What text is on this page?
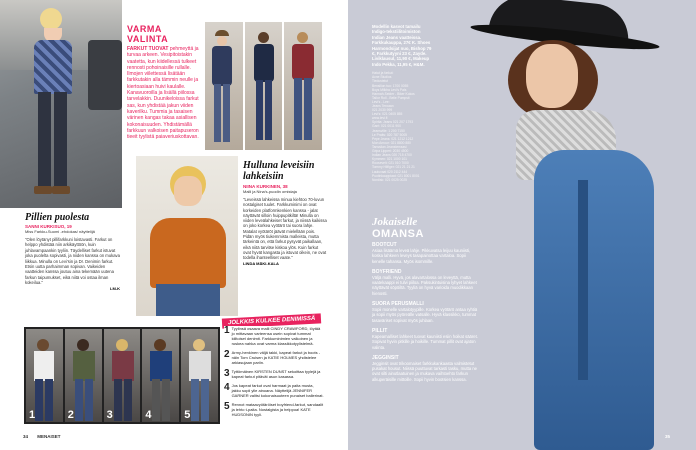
Pillien puolesta
SANNI KURKISUO, 19
Miss Farkku-Suomi -ehdokas/ näyttelijä
"Olen löytänyt pillifarkkuni loistavasti. Farkut on helppo yhdistää niin arkikäyttöön, kuin juhlavampaankin tyyliin. Täydelliset farkut istuvat joka puolelta sopivasti, ja niiden kanssa on mukava liikkua. Minulla on Levi'sin ja Dr. Denimin farkut. Etsin uutta parhaimman sopivan. Vaikeiden vaatteiden kanssa joutuu aina tekemään uutena farkun taipumukset, eikä niitä voi ostaa ilman kokeilua."
LM-K
VARMA VALINTA
FARKUT TUOVAT pehmeyttä ja turvaa arkeen. Vesipitoistakin vaatetta, kun kiidellessä tulkeet rennosti pohoinaisille rullalle. Ilmojen viilettessä lisätään farkkutakin alla tämmin neulle ja kiertoasiaan huivi kaulalle. Kanavuoroilla ja lisällä piilossa tarvelakkin. Duunikeloissa farkut sas, kun yhdistää jakun viiden kaverilku. Tummia ja tasaisen värinen kangas takaa asiallisen kokonaisuuden. Yhdistämällä farkkuun valkoisen paitapuseron tieeit tyylistä paiaveriuskottavan.
Hulluna leveisiin lahkeisiin
NIINA KURKINEN, 38
Malli ja Nina's-puodin omistaja
"Leveissä lahkeissa minua kiehtoo 70-luvun nostalgiset tuulet. Farkkuminimi on ovat korkeiden platformkenkien kanssa - jalat näyttävät silloin huippupitkiltä! Minulla on viiden leveälahkeiset farkut, ja niissä kaikissa on joko korkea vyötärö tai suora lahje. Matalat vyötäröt jäävät mielellään pois. Pidän myös tiukemmista malleista, mutta tärkeintä on, että farkut pysyvät paikallaan, eikä niitä tarvitse kiskoa ylös. Kuin farkut ovat hyvät kangasta ja istuvat oikein, ne ovat todella ihanteelliset vaate."
LINDA MÄKI-KALA
1	2	3	4	5
JOLKKIS KULKEE DENIMISSÄ
1 Tyylinsä osaava malli CINDY CRAWFORD, löytää jo mittavaan varteensa usein sopivat tummat kiiltoiset denimit. Farkkuminimien valkoinen ja ruskea nahka ovat varma klassikkotyylistelmä.
2 Army-henkinen väljä takki, kapeat farkut ja boots - näin Tom Cruisen ja KATIE HOLMES yhdistelee arkiasujaan pariin.
3 Tyttömäinen KIRSTEN DUNST sekoittaa tyylejä ja kapeat farkut pitävät asun kasassa.
4 Jos kapeat farkut ovat harmaat ja paita musta, jakku sopii ylle ainoana. Näyttelijä JENNIFER GARNER valitsi kokonaisuuteen punaiset ballerinat.
5 Rennot mataavyötäröiset boyfriend-farkut, sandaalit ja lehto t-paita. Nostalgista ja helppoa! KATE HUDSONIN tyyli.
34 MENAISET
Modellin kasvot tamailu Indigo-tekstiilitoimiston Indian Jeans vaatteissa. Farkkukauppa, 27€ K. Shoes Harmondsijat nuo, Bishop 79 €, Farkkutyyni 23 €, Zayde. Liviklausul, 11,90 €, Makeup Indo Pekka, 11,95 €, H&M.
Hatut ja farkut:
Acne Studios
Tiedustelut
Bensilion tuo: 1700 0055
Boys Milkha Levi's Pals
Hannah-Seider - Biker Kokos
Tailor Roll - Belle Pumpsit
Levi's - Lee:
Jeans Teroaan
021 2030 999
Levi's: 021 0405 855
www.levi.fi
Spirita: Jeans 021 207 1793
Gant: 021 0011 900
Jeansville: 1 200 7150
Le Praits: 020 787 5005
Pepe Jeans: 021 1212 1212
Mon Amour: 021 8800 880
Tanssilan Jeansterraasi
Gripa Lipperi: 2030 4500
Indian Jeans 020 715 4700
Kymmen: 021 1000 101
Roosevelt: 021 010 7000
Tommy Hilfiger: 021 21 21 21
Lauluvaat 020 2112 444
Puotinkauppiaat: 021 8001 8001
Nordisk: 021 0025 0025
Jokaiselle
OMANSA
BOOTCUT
Asiaa lisäämä leveä lahje. Pikkuvatsa leijuu kauniisti, koska lahkeen leveys tasapainottaa vartaloa. Sopii kenelle tahansa. Myös isommille.
BOYFRIEND
Väljä malli. Hyvä, jos alavartalossa on leveyttä, mutta vaatekaappi ei tulvi piiloa. Paksukintuisina lyhyet lahkeet näyttävät söpöiltä. Tyyliä on hyvä varioida muodikkaan hienosti.
SUORA PERUSMALLI
Sopii monelle vartalotyypille. Korkea vyötärö antaa ryhtiä ja sopii myös pyöreälle vatsalle. Hyvä klassikko, tummat tasaväriset sopivat myös juhlaan.
PILLIT
Kapeamalliset lahkeet tuovat kauniisti esiin hoikat sääret. Sopivat hyvin pitkille ja hoikille. Tummat pillit ovat ajaton valinta.
JEGGINSIT
Jegginsit ovat trikoomaiset farkkukankaasta valmistetut pusakat housut. Niissä puuttuvat tarkasti tasku, mutta ne ovat silti ainutlaatuinen ja mukava vaihtoehto farkun alkuperäisille mittoille. Sopii hyvin bootsien kanssa.
35
